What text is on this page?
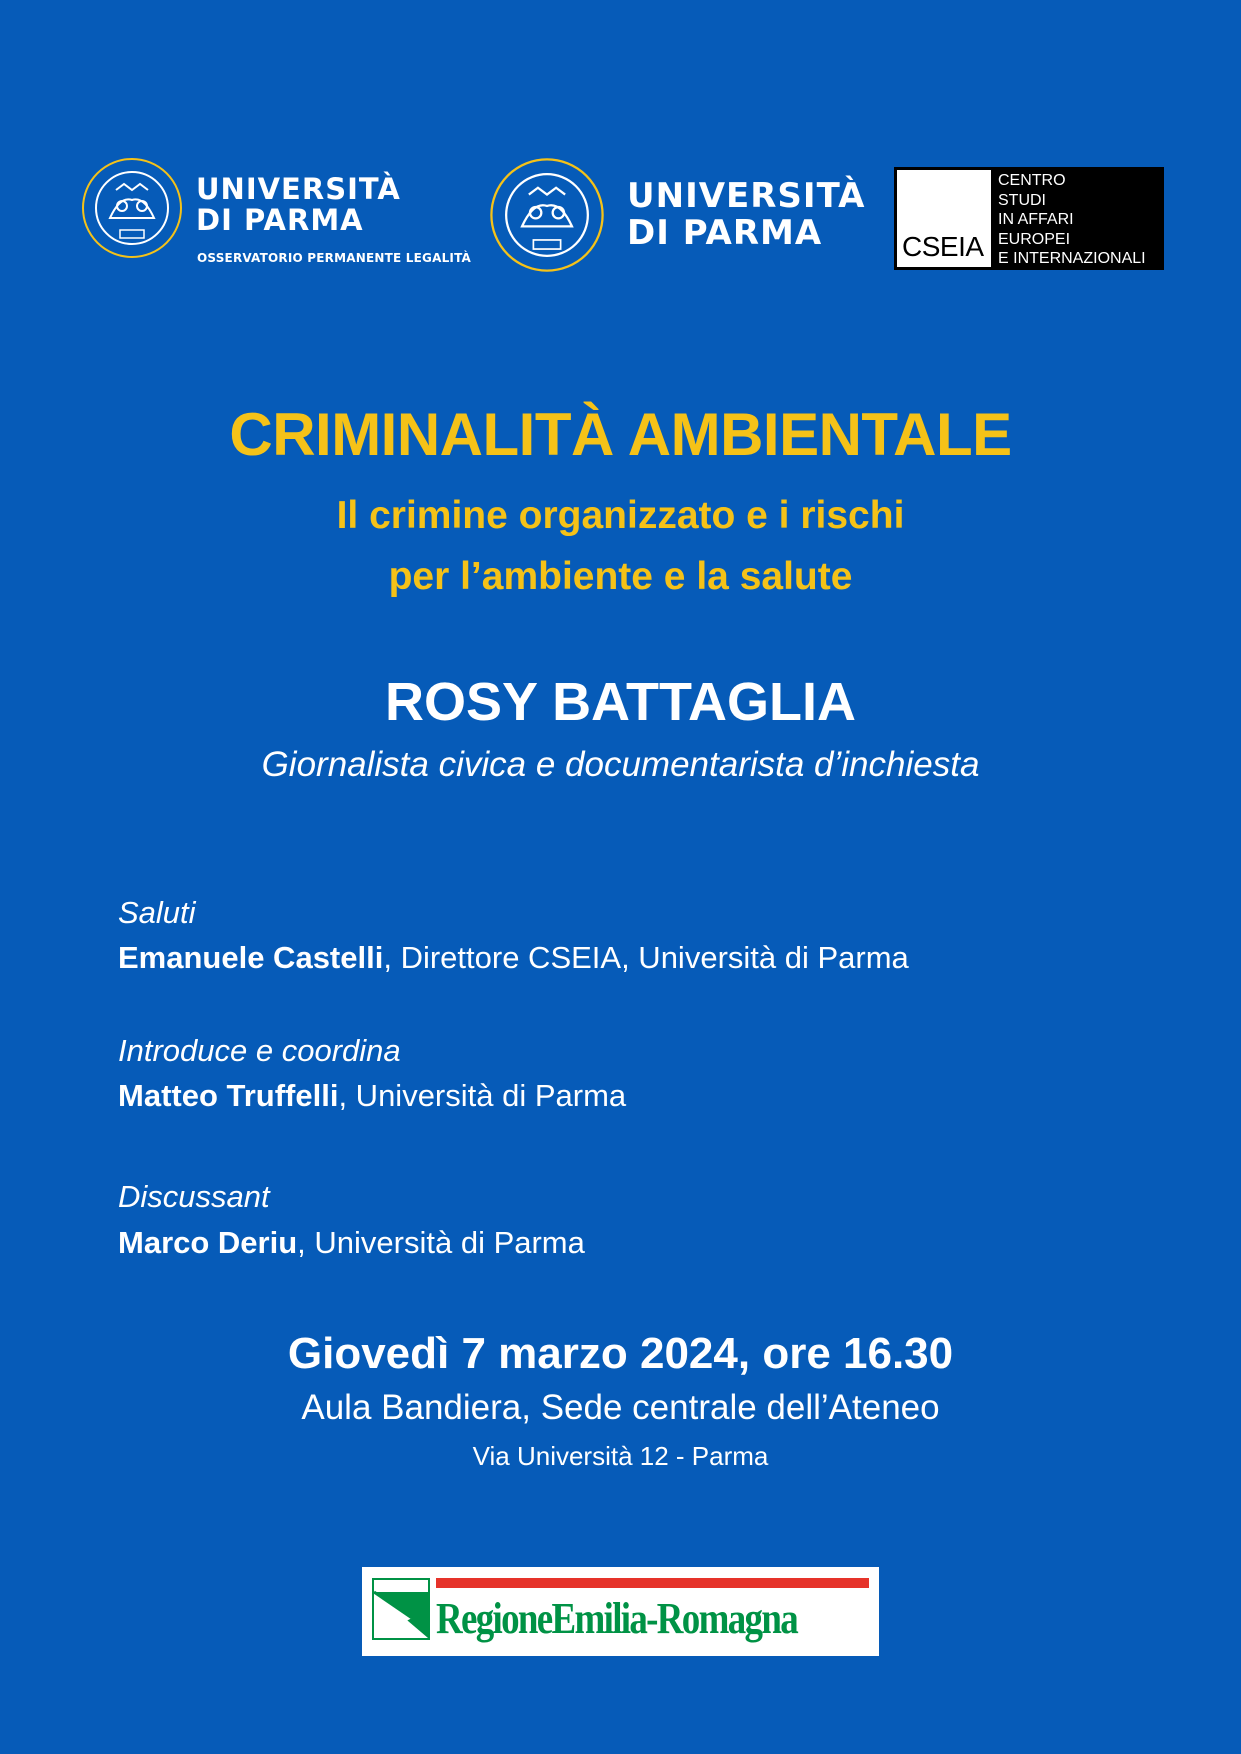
UNIVERSITÀ
DI PARMA
OSSERVATORIO PERMANENTE LEGALITÀ
UNIVERSITÀ
DI PARMA	CSEIA
CENTRO
STUDI
IN AFFARI
EUROPEI
E INTERNAZIONALI
CRIMINALITÀ AMBIENTALE
Il crimine organizzato e i rischi
per l’ambiente e la salute
ROSY BATTAGLIA
Giornalista civica e documentarista d’inchiesta
Saluti
Emanuele Castelli, Direttore CSEIA, Università di Parma
Introduce e coordina
Matteo Truffelli, Università di Parma
Discussant
Marco Deriu, Università di Parma
Giovedì 7 marzo 2024, ore 16.30
Aula Bandiera, Sede centrale dell’Ateneo
Via Università 12 - Parma
RegioneEmilia-Romagna
